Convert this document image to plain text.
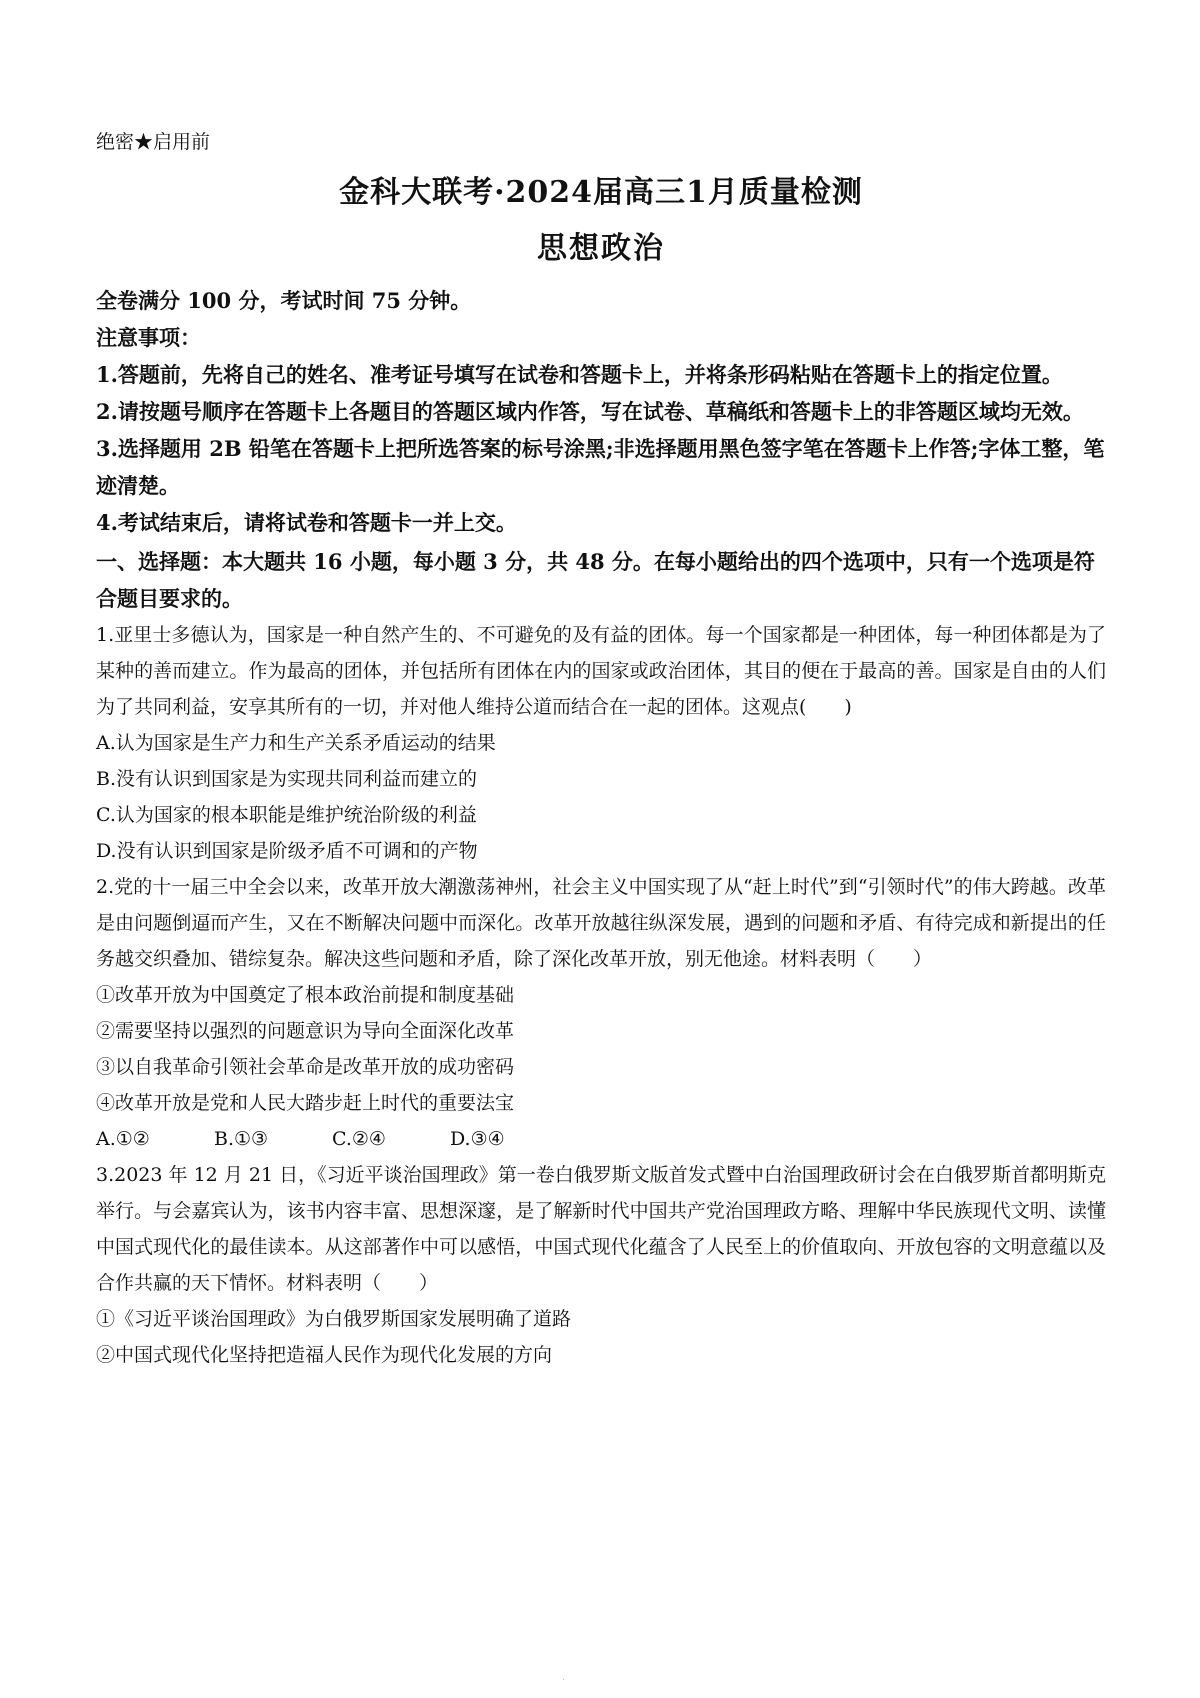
绝密★启用前
金科大联考·2024届高三1月质量检测
思想政治
全卷满分 100 分，考试时间 75 分钟。
注意事项：
1.答题前，先将自己的姓名、准考证号填写在试卷和答题卡上，并将条形码粘贴在答题卡上的指定位置。
2.请按题号顺序在答题卡上各题目的答题区域内作答，写在试卷、草稿纸和答题卡上的非答题区域均无效。
3.选择题用 2B 铅笔在答题卡上把所选答案的标号涂黑;非选择题用黑色签字笔在答题卡上作答;字体工整，笔迹清楚。
4.考试结束后，请将试卷和答题卡一并上交。
一、选择题：本大题共 16 小题，每小题 3 分，共 48 分。在每小题给出的四个选项中，只有一个选项是符合题目要求的。
1.亚里士多德认为，国家是一种自然产生的、不可避免的及有益的团体。每一个国家都是一种团体，每一种团体都是为了某种的善而建立。作为最高的团体，并包括所有团体在内的国家或政治团体，其目的便在于最高的善。国家是自由的人们为了共同利益，安享其所有的一切，并对他人维持公道而结合在一起的团体。这观点(　　)
A.认为国家是生产力和生产关系矛盾运动的结果
B.没有认识到国家是为实现共同利益而建立的
C.认为国家的根本职能是维护统治阶级的利益
D.没有认识到国家是阶级矛盾不可调和的产物
2.党的十一届三中全会以来，改革开放大潮激荡神州，社会主义中国实现了从“赶上时代”到“引领时代”的伟大跨越。改革是由问题倒逼而产生，又在不断解决问题中而深化。改革开放越往纵深发展，遇到的问题和矛盾、有待完成和新提出的任务越交织叠加、错综复杂。解决这些问题和矛盾，除了深化改革开放，别无他途。材料表明（　　）
①改革开放为中国奠定了根本政治前提和制度基础
②需要坚持以强烈的问题意识为导向全面深化改革
③以自我革命引领社会革命是改革开放的成功密码
④改革开放是党和人民大踏步赶上时代的重要法宝
A.①②	B.①③	C.②④	D.③④
3.2023 年 12 月 21 日，《习近平谈治国理政》第一卷白俄罗斯文版首发式暨中白治国理政研讨会在白俄罗斯首都明斯克举行。与会嘉宾认为，该书内容丰富、思想深邃，是了解新时代中国共产党治国理政方略、理解中华民族现代文明、读懂中国式现代化的最佳读本。从这部著作中可以感悟，中国式现代化蕴含了人民至上的价值取向、开放包容的文明意蕴以及合作共赢的天下情怀。材料表明（　　）
①《习近平谈治国理政》为白俄罗斯国家发展明确了道路
②中国式现代化坚持把造福人民作为现代化发展的方向
·
